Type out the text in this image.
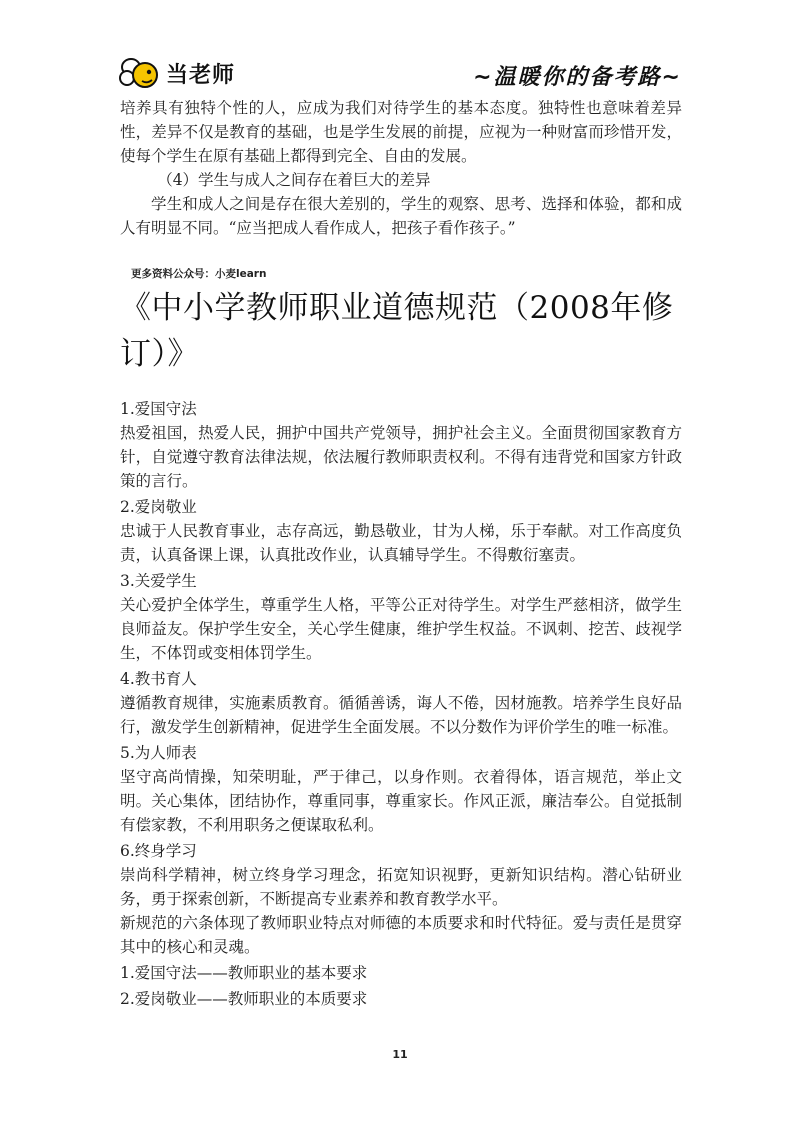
当老师	~温暖你的备考路~

培养具有独特个性的人，应成为我们对待学生的基本态度。独特性也意味着差异性，差异不仅是教育的基础，也是学生发展的前提，应视为一种财富而珍惜开发，使每个学生在原有基础上都得到完全、自由的发展。

（4）学生与成人之间存在着巨大的差异

学生和成人之间是存在很大差别的，学生的观察、思考、选择和体验，都和成人有明显不同。“应当把成人看作成人，把孩子看作孩子。”

更多资料公众号：小麦learn

《中小学教师职业道德规范（2008年修订）》

1.爱国守法

热爱祖国，热爱人民，拥护中国共产党领导，拥护社会主义。全面贯彻国家教育方针，自觉遵守教育法律法规，依法履行教师职责权利。不得有违背党和国家方针政策的言行。

2.爱岗敬业

忠诚于人民教育事业，志存高远，勤恳敬业，甘为人梯，乐于奉献。对工作高度负责，认真备课上课，认真批改作业，认真辅导学生。不得敷衍塞责。

3.关爱学生

关心爱护全体学生，尊重学生人格，平等公正对待学生。对学生严慈相济，做学生良师益友。保护学生安全，关心学生健康，维护学生权益。不讽刺、挖苦、歧视学生，不体罚或变相体罚学生。

4.教书育人

遵循教育规律，实施素质教育。循循善诱，诲人不倦，因材施教。培养学生良好品行，激发学生创新精神，促进学生全面发展。不以分数作为评价学生的唯一标准。

5.为人师表

坚守高尚情操，知荣明耻，严于律己，以身作则。衣着得体，语言规范，举止文明。关心集体，团结协作，尊重同事，尊重家长。作风正派，廉洁奉公。自觉抵制有偿家教，不利用职务之便谋取私利。

6.终身学习

崇尚科学精神，树立终身学习理念，拓宽知识视野，更新知识结构。潜心钻研业务，勇于探索创新，不断提高专业素养和教育教学水平。

新规范的六条体现了教师职业特点对师德的本质要求和时代特征。爱与责任是贯穿其中的核心和灵魂。

1.爱国守法——教师职业的基本要求

2.爱岗敬业——教师职业的本质要求

11
